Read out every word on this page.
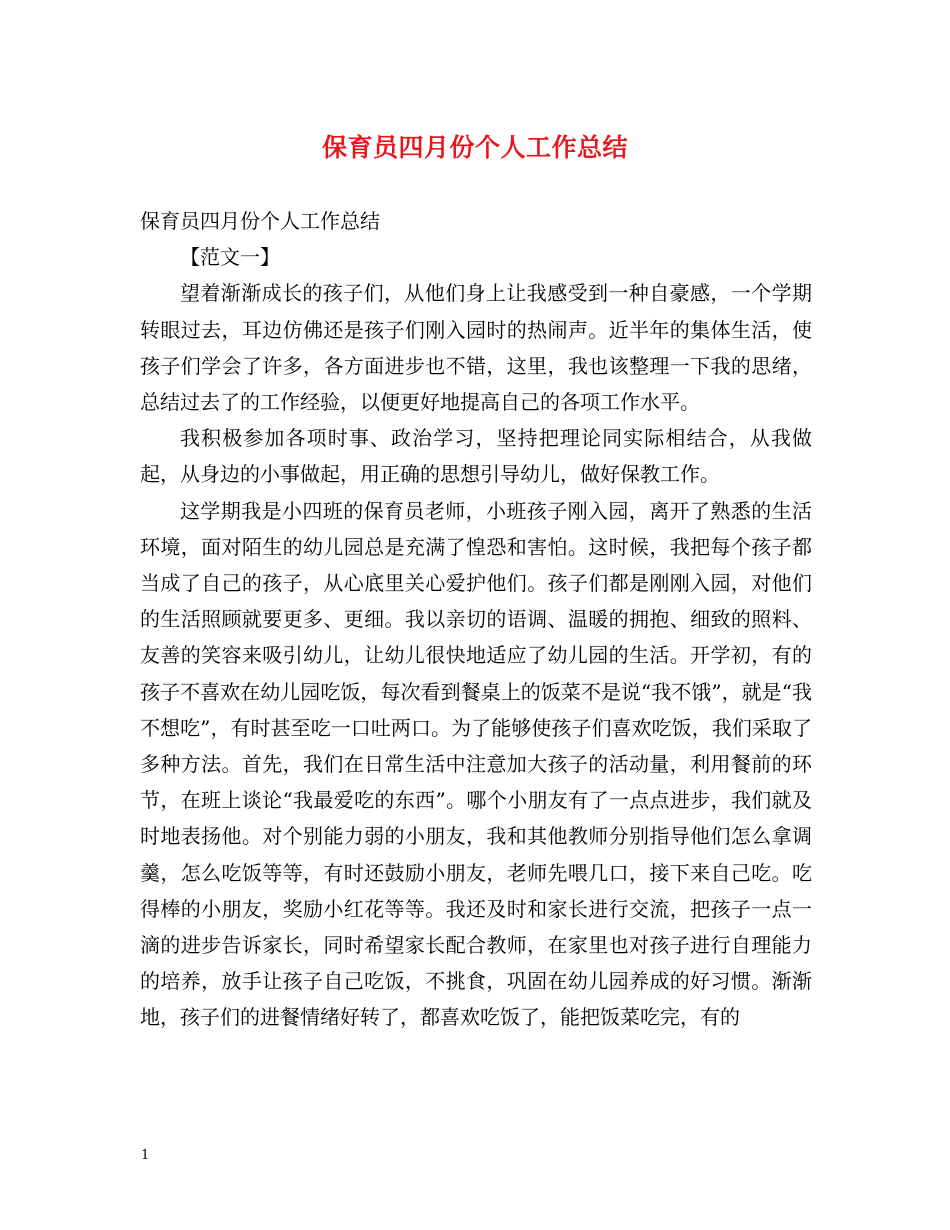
保育员四月份个人工作总结

保育员四月份个人工作总结

【范文一】

望着渐渐成长的孩子们，从他们身上让我感受到一种自豪感，一个学期转眼过去，耳边仿佛还是孩子们刚入园时的热闹声。近半年的集体生活，使孩子们学会了许多，各方面进步也不错，这里，我也该整理一下我的思绪，总结过去了的工作经验，以便更好地提高自己的各项工作水平。

我积极参加各项时事、政治学习，坚持把理论同实际相结合，从我做起，从身边的小事做起，用正确的思想引导幼儿，做好保教工作。

这学期我是小四班的保育员老师，小班孩子刚入园，离开了熟悉的生活环境，面对陌生的幼儿园总是充满了惶恐和害怕。这时候，我把每个孩子都当成了自己的孩子，从心底里关心爱护他们。孩子们都是刚刚入园，对他们的生活照顾就要更多、更细。我以亲切的语调、温暖的拥抱、细致的照料、友善的笑容来吸引幼儿，让幼儿很快地适应了幼儿园的生活。开学初，有的孩子不喜欢在幼儿园吃饭，每次看到餐桌上的饭菜不是说“我不饿”，就是“我不想吃”，有时甚至吃一口吐两口。为了能够使孩子们喜欢吃饭，我们采取了多种方法。首先，我们在日常生活中注意加大孩子的活动量，利用餐前的环节，在班上谈论“我最爱吃的东西”。哪个小朋友有了一点点进步，我们就及时地表扬他。对个别能力弱的小朋友，我和其他教师分别指导他们怎么拿调羹，怎么吃饭等等，有时还鼓励小朋友，老师先喂几口，接下来自己吃。吃得棒的小朋友，奖励小红花等等。我还及时和家长进行交流，把孩子一点一滴的进步告诉家长，同时希望家长配合教师，在家里也对孩子进行自理能力的培养，放手让孩子自己吃饭，不挑食，巩固在幼儿园养成的好习惯。渐渐地，孩子们的进餐情绪好转了，都喜欢吃饭了，能把饭菜吃完，有的

1
